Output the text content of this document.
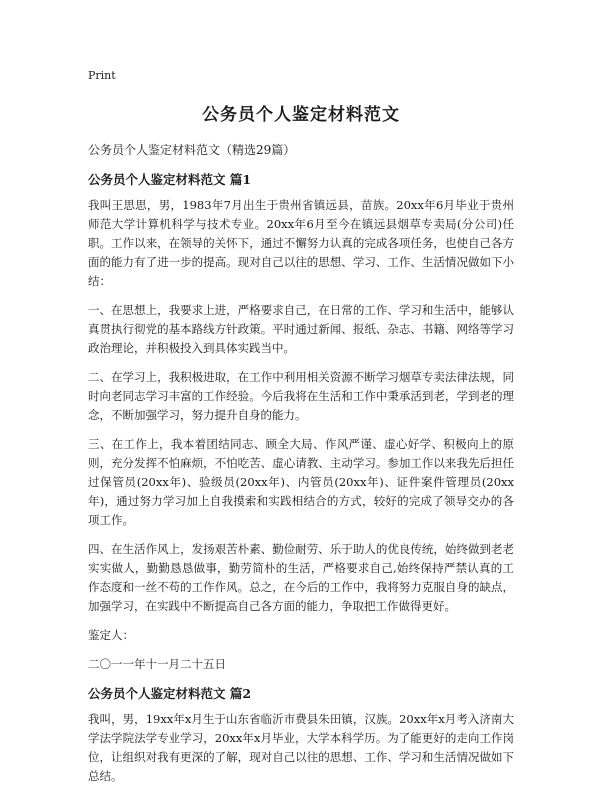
Print
公务员个人鉴定材料范文
公务员个人鉴定材料范文（精选29篇）
公务员个人鉴定材料范文 篇1

我叫王思思，男，1983年7月出生于贵州省镇远县，苗族。20xx年6月毕业于贵州师范大学计算机科学与技术专业。20xx年6月至今在镇远县烟草专卖局(分公司)任职。工作以来，在领导的关怀下，通过不懈努力认真的完成各项任务，也使自己各方面的能力有了进一步的提高。现对自己以往的思想、学习、工作、生活情况做如下小结：

一、在思想上，我要求上进，严格要求自己，在日常的工作、学习和生活中，能够认真贯执行彻党的基本路线方针政策。平时通过新闻、报纸、杂志、书籍、网络等学习政治理论，并积极投入到具体实践当中。

二、在学习上，我积极进取，在工作中利用相关资源不断学习烟草专卖法律法规，同时向老同志学习丰富的工作经验。今后我将在生活和工作中秉承活到老，学到老的理念，不断加强学习，努力提升自身的能力。

三、在工作上，我本着团结同志、顾全大局、作风严谨、虚心好学、积极向上的原则，充分发挥不怕麻烦，不怕吃苦、虚心请教、主动学习。参加工作以来我先后担任过保管员(20xx年)、验级员(20xx年)、内管员(20xx年)、证件案件管理员(20xx年)，通过努力学习加上自我摸索和实践相结合的方式，较好的完成了领导交办的各项工作。

四、在生活作风上，发扬艰苦朴素、勤俭耐劳、乐于助人的优良传统，始终做到老老实实做人，勤勤恳恳做事，勤劳简朴的生活，严格要求自己,始终保持严禁认真的工作态度和一丝不苟的工作作风。总之，在今后的工作中，我将努力克服自身的缺点，加强学习，在实践中不断提高自己各方面的能力，争取把工作做得更好。

鉴定人：
二〇一一年十一月二十五日
公务员个人鉴定材料范文 篇2

我叫，男，19xx年x月生于山东省临沂市费县朱田镇，汉族。20xx年x月考入济南大学法学院法学专业学习，20xx年x月毕业，大学本科学历。为了能更好的走向工作岗位，让组织对我有更深的了解，现对自己以往的思想、工作、学习和生活情况做如下总结。
